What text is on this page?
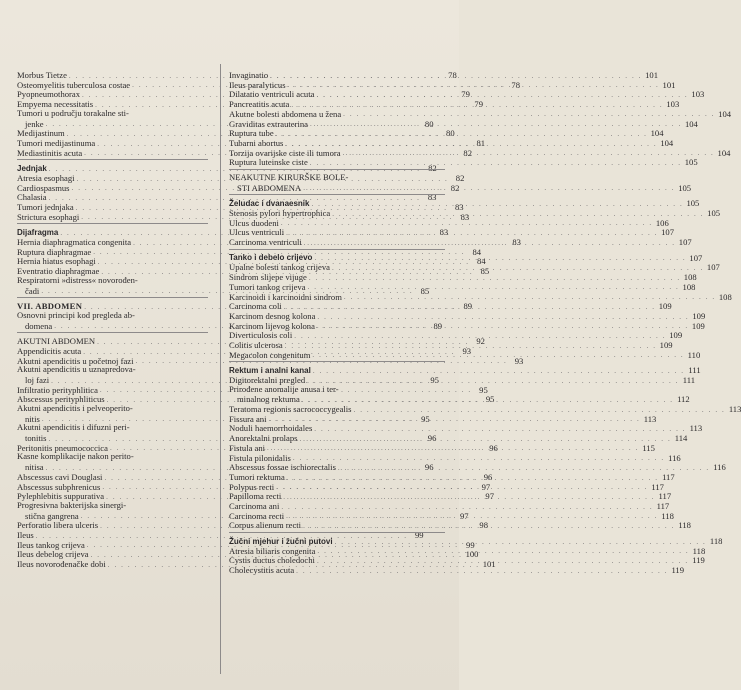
Morbus Tietze . . .	78
Osteomyelitis tuberculosa costae . . .	78
Pyopneumothorax . . .	79
Empyema necessitatis . . .	79
Tumori u području torakalne sti-
jenke . . .	80
Medijastinum . . .	80
Tumori medijastinuma . . .	81
Mediastinitis acuta . . .	82
Jednjak . . .	82
Atresia esophagi . . .	82
Cardiospasmus . . .	82
Chalasia . . .	83
Tumori jednjaka . . .	83
Strictura esophagi . . .	83
Dijafragma . . .	83
Hernia diaphragmatica congenita . . .	83
Ruptura diaphragmae . . .	84
Hernia hiatus esophagi . . .	84
Eventratio diaphragmae . . .	85
Respiratorni »distress« novorođen-
čadi . . .	85
VII. ABDOMEN . . .	89
Osnovni principi kod pregleda ab-
domena . . .	89
AKUTNI ABDOMEN . . .	92
Appendicitis acuta . . .	93
Akutni apendicitis u početnoj fazi . . .	93
Akutni apendicitis u uznapredova-
loj fazi . . .	95
Infiltratio perityphlitica . . .	95
Abscessus perityphliticus . . .	95
Akutni apendicitis i pelveoperito-
nitis . . .	95
Akutni apendicitis i difuzni peri-
tonitis . . .	96
Peritonitis pneumococcica . . .	96
Kasne komplikacije nakon perito-
nitisa . . .	96
Abscessus cavi Douglasi . . .	96
Abscessus subphrenicus . . .	97
Pylephlebitis suppurativa . . .	97
Progresivna bakterijska sinergi-
stična gangrena . . .	97
Perforatio libera ulceris . . .	98
Ileus . . .	99
Ileus tankog crijeva . . .	99
Ileus debelog crijeva . . .	100
Ileus novorođenačke dobi . . .	101
Invaginatio . . .	101
Ileus paralyticus . . .	101
Dilatatio ventriculi acuta . . .	103
Pancreatitis acuta . . .	103
Akutne bolesti abdomena u žena . . .	104
Graviditas extrauterina . . .	104
Ruptura tube . . .	104
Tubarni abortus . . .	104
Torzija ovarijske ciste ili tumora . . .	104
Ruptura luteinske ciste . . .	105
NEAKUTNE KIRURŠKE BOLE-
STI ABDOMENA . . .	105
Želudac i dvanaesnik . . .	105
Stenosis pylori hypertrophica . . .	105
Ulcus duodeni . . .	106
Ulcus ventriculi . . .	107
Carcinoma ventriculi . . .	107
Tanko i debelo crijevo . . .	107
Upalne bolesti tankog crijeva . . .	107
Sindrom slijepe vijuge . . .	108
Tumori tankog crijeva . . .	108
Karcinoidi i karcinoidni sindrom . . .	108
Carcinoma coli . . .	109
Karcinom desnog kolona . . .	109
Karcinom lijevog kolona . . .	109
Diverticulosis coli . . .	109
Colitis ulcerosa . . .	109
Megacolon congenitum . . .	110
Rektum i analni kanal . . .	111
Digitorektalni pregled . . .	111
Prirođene anomalije anusa i ter-
minalnog rektuma . . .	112
Teratoma regionis sacrococcygealis . . .	113
Fissura ani . . .	113
Noduli haemorrhoidales . . .	113
Anorektalni prolaps . . .	114
Fistula ani . . .	115
Fistula pilonidalis . . .	116
Abscessus fossae ischiorectalis . . .	116
Tumori rektuma . . .	117
Polypus recti . . .	117
Papilloma recti . . .	117
Carcinoma ani . . .	117
Carcinoma recti . . .	118
Corpus alienum recti . . .	118
Žučni mjehur i žučni putovi . . .	118
Atresia biliaris congenita . . .	118
Cystis ductus choledochi . . .	119
Cholecystitis acuta . . .	119
